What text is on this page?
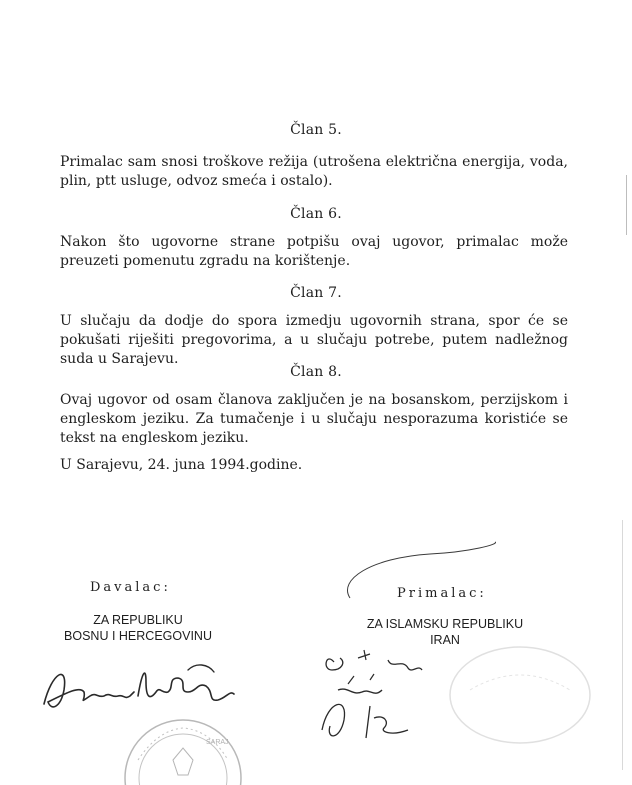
Član 5.
Primalac sam snosi troškove režija (utrošena električna energija, voda, plin, ptt usluge, odvoz smeća i ostalo).
Član 6.
Nakon što ugovorne strane potpišu ovaj ugovor, primalac može preuzeti pomenutu zgradu na korištenje.
Član 7.
U slučaju da dodje do spora izmedju ugovornih strana, spor će se pokušati riješiti pregovorima, a u slučaju potrebe, putem nadležnog suda u Sarajevu.
Član 8.
Ovaj ugovor od osam članova zaključen je na bosanskom, perzijskom i engleskom jeziku. Za tumačenje i u slučaju nesporazuma koristiće se tekst na engleskom jeziku.
U Sarajevu, 24. juna 1994.godine.
Davalac:
ZA REPUBLIKU
BOSNU I HERCEGOVINU
SARAJ
Primalac:
ZA ISLAMSKU REPUBLIKU
IRAN
